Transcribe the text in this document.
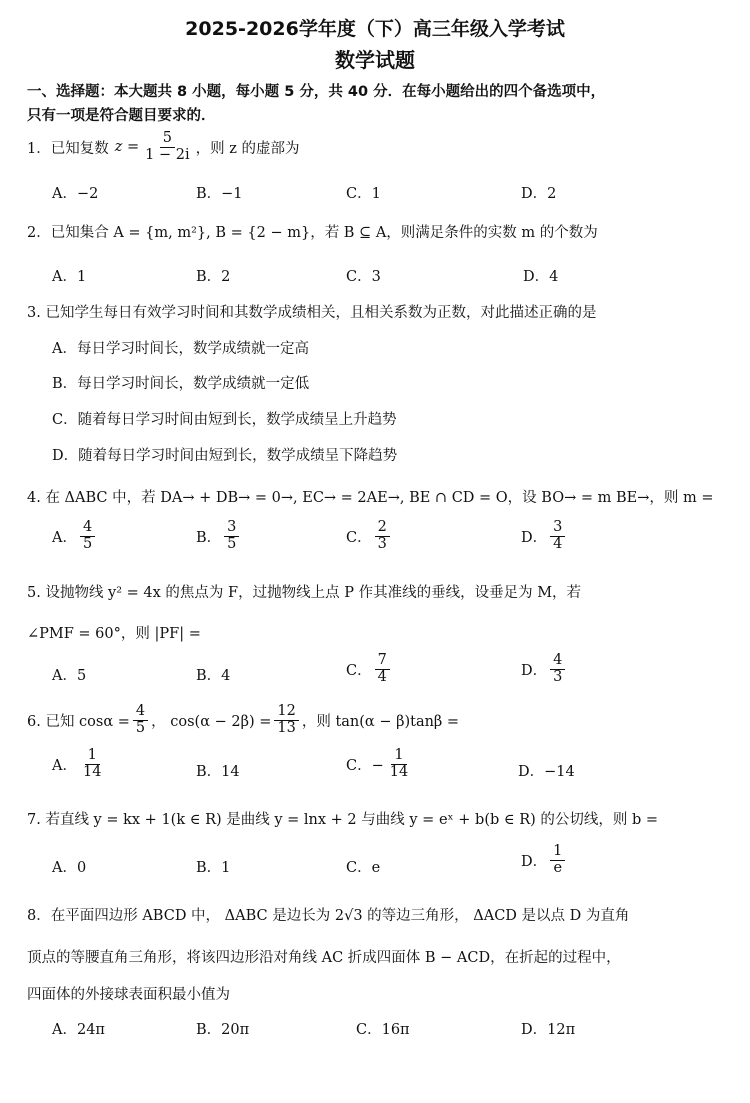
2025-2026学年度（下）高三年级入学考试
数学试题
一、选择题：本大题共 8 小题，每小题 5 分，共 40 分．在每小题给出的四个备选项中，
只有一项是符合题目要求的．
1．已知复数 $z = \frac{5}{1 - 2i}$ ，则 z 的虚部为
A．−2	B．−1	C．1	D．2
2．已知集合 A = {m, m²}, B = {2 − m}，若 B ⊆ A，则满足条件的实数 m 的个数为
A．1	B．2	C．3	D．4
3. 已知学生每日有效学习时间和其数学成绩相关，且相关系数为正数，对此描述正确的是
A．每日学习时间长，数学成绩就一定高
B．每日学习时间长，数学成绩就一定低
C．随着每日学习时间由短到长，数学成绩呈上升趋势
D．随着每日学习时间由短到长，数学成绩呈下降趋势
4. 在 ΔABC 中，若 DA→ + DB→ = 0→, EC→ = 2AE→, BE ∩ CD = O，设 BO→ = m BE→，则 m =
A． $\frac{4}{5}$	B． $\frac{3}{5}$	C． $\frac{2}{3}$	D． $\frac{3}{4}$
5. 设抛物线 y² = 4x 的焦点为 F，过抛物线上点 P 作其准线的垂线，设垂足为 M，若
∠PMF = 60°，则 |PF| =
A．5	B．4	C． $\frac{7}{4}$	D． $\frac{4}{3}$
6. 已知 $\cos\alpha = \frac{4}{5}$ ， $\cos(\alpha - 2\beta) = \frac{12}{13}$ ，则 tan(α − β)tanβ =
A． $\frac{1}{14}$	B．14	C．− $\frac{1}{14}$	D．−14
7. 若直线 y = kx + 1(k ∈ R) 是曲线 y = lnx + 2 与曲线 y = eˣ + b(b ∈ R) 的公切线，则 b =
A．0	B．1	C．e	D． $\frac{1}{e}$
8．在平面四边形 ABCD 中， ΔABC 是边长为 2√3 的等边三角形， ΔACD 是以点 D 为直角
顶点的等腰直角三角形，将该四边形沿对角线 AC 折成四面体 B − ACD，在折起的过程中，
四面体的外接球表面积最小值为
A．24π	B．20π	C．16π	D．12π
